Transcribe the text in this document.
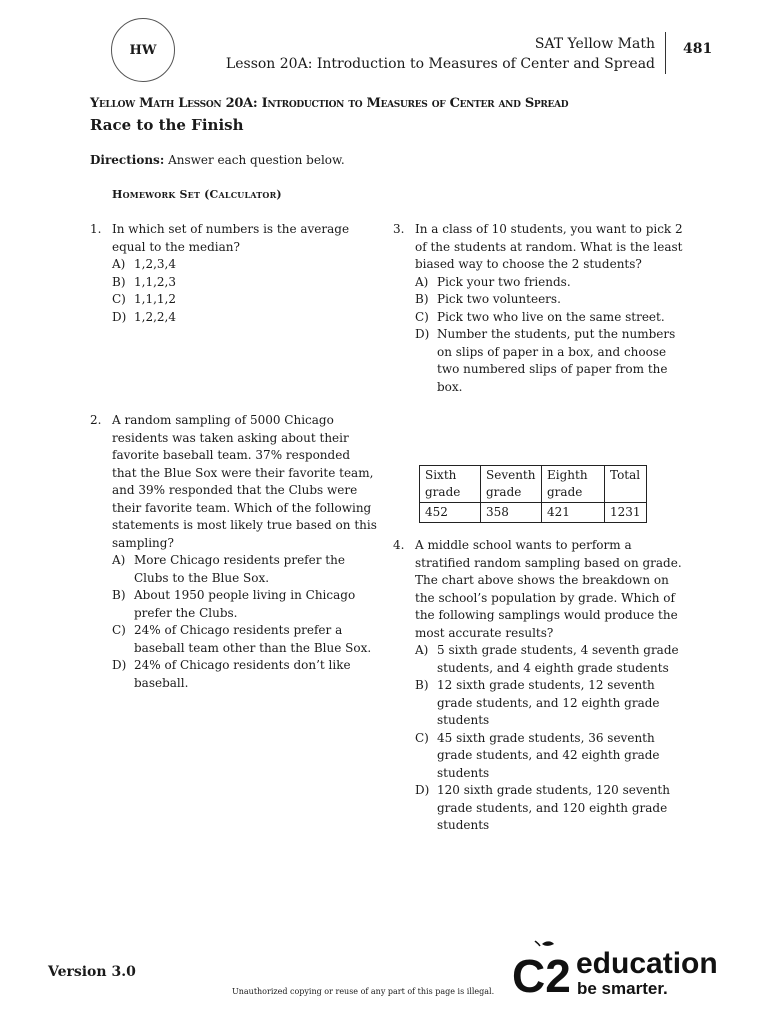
HW	SAT Yellow Math
Lesson 20A: Introduction to Measures of Center and Spread
481
Yellow Math Lesson 20A: Introduction to Measures of Center and Spread
Race to the Finish
Directions: Answer each question below.
Homework Set (Calculator)
1. In which set of numbers is the average equal to the median?
A) 1,2,3,4
B) 1,1,2,3
C) 1,1,1,2
D) 1,2,2,4
2. A random sampling of 5000 Chicago residents was taken asking about their favorite baseball team. 37% responded that the Blue Sox were their favorite team, and 39% responded that the Clubs were their favorite team. Which of the following statements is most likely true based on this sampling?
A) More Chicago residents prefer the Clubs to the Blue Sox.
B) About 1950 people living in Chicago prefer the Clubs.
C) 24% of Chicago residents prefer a baseball team other than the Blue Sox.
D) 24% of Chicago residents don’t like baseball.
3. In a class of 10 students, you want to pick 2 of the students at random. What is the least biased way to choose the 2 students?
A) Pick your two friends.
B) Pick two volunteers.
C) Pick two who live on the same street.
D) Number the students, put the numbers on slips of paper in a box, and choose two numbered slips of paper from the box.
Sixth grade	Seventh grade	Eighth grade	Total
452	358	421	1231
4. A middle school wants to perform a stratified random sampling based on grade. The chart above shows the breakdown on the school’s population by grade. Which of the following samplings would produce the most accurate results?
A) 5 sixth grade students, 4 seventh grade students, and 4 eighth grade students
B) 12 sixth grade students, 12 seventh grade students, and 12 eighth grade students
C) 45 sixth grade students, 36 seventh grade students, and 42 eighth grade students
D) 120 sixth grade students, 120 seventh grade students, and 120 eighth grade students
Version 3.0
Unauthorized copying or reuse of any part of this page is illegal. C2 education
be smarter.
